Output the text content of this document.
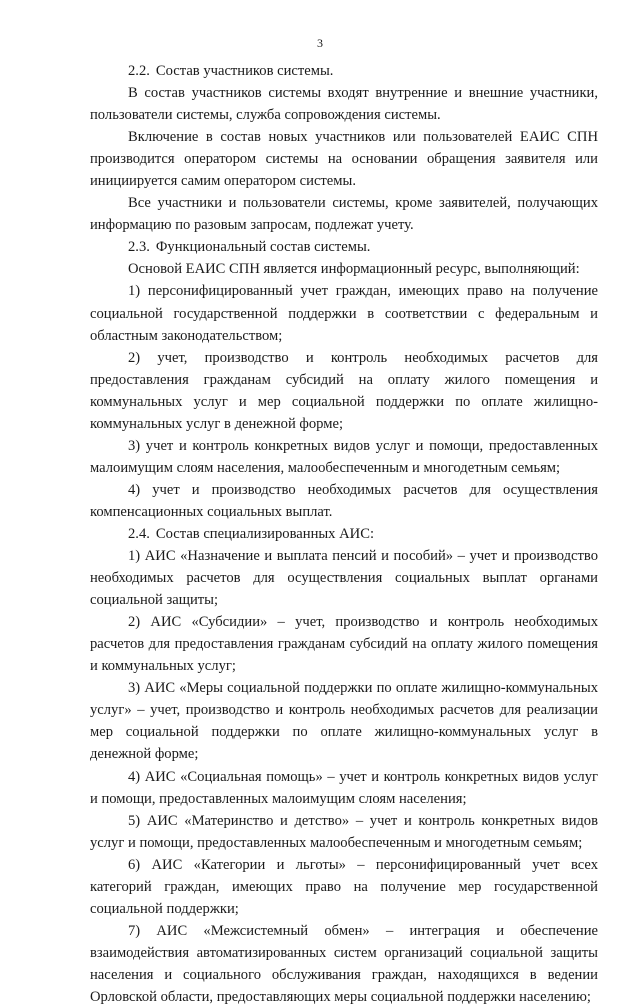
3

2.2. Состав участников системы.

В состав участников системы входят внутренние и внешние участники, пользователи системы, служба сопровождения системы.

Включение в состав новых участников или пользователей ЕАИС СПН производится оператором системы на основании обращения заявителя или инициируется самим оператором системы.

Все участники и пользователи системы, кроме заявителей, получающих информацию по разовым запросам, подлежат учету.

2.3. Функциональный состав системы.

Основой ЕАИС СПН является информационный ресурс, выполняющий:

1) персонифицированный учет граждан, имеющих право на получение социальной государственной поддержки в соответствии с федеральным и областным законодательством;

2) учет, производство и контроль необходимых расчетов для предоставления гражданам субсидий на оплату жилого помещения и коммунальных услуг и мер социальной поддержки по оплате жилищно-коммунальных услуг в денежной форме;

3) учет и контроль конкретных видов услуг и помощи, предоставленных малоимущим слоям населения, малообеспеченным и многодетным семьям;

4) учет и производство необходимых расчетов для осуществления компенсационных социальных выплат.

2.4. Состав специализированных АИС:

1) АИС «Назначение и выплата пенсий и пособий» – учет и производство необходимых расчетов для осуществления социальных выплат органами социальной защиты;

2) АИС «Субсидии» – учет, производство и контроль необходимых расчетов для предоставления гражданам субсидий на оплату жилого помещения и коммунальных услуг;

3) АИС «Меры социальной поддержки по оплате жилищно-коммунальных услуг» – учет, производство и контроль необходимых расчетов для реализации мер социальной поддержки по оплате жилищно-коммунальных услуг в денежной форме;

4) АИС «Социальная помощь» – учет и контроль конкретных видов услуг и помощи, предоставленных малоимущим слоям населения;

5) АИС «Материнство и детство» – учет и контроль конкретных видов услуг и помощи, предоставленных малообеспеченным и многодетным семьям;

6) АИС «Категории и льготы» – персонифицированный учет всех категорий граждан, имеющих право на получение мер государственной социальной поддержки;

7) АИС «Межсистемный обмен» – интеграция и обеспечение взаимодействия автоматизированных систем организаций социальной защиты населения и социального обслуживания граждан, находящихся в ведении Орловской области, предоставляющих меры социальной поддержки населению;
